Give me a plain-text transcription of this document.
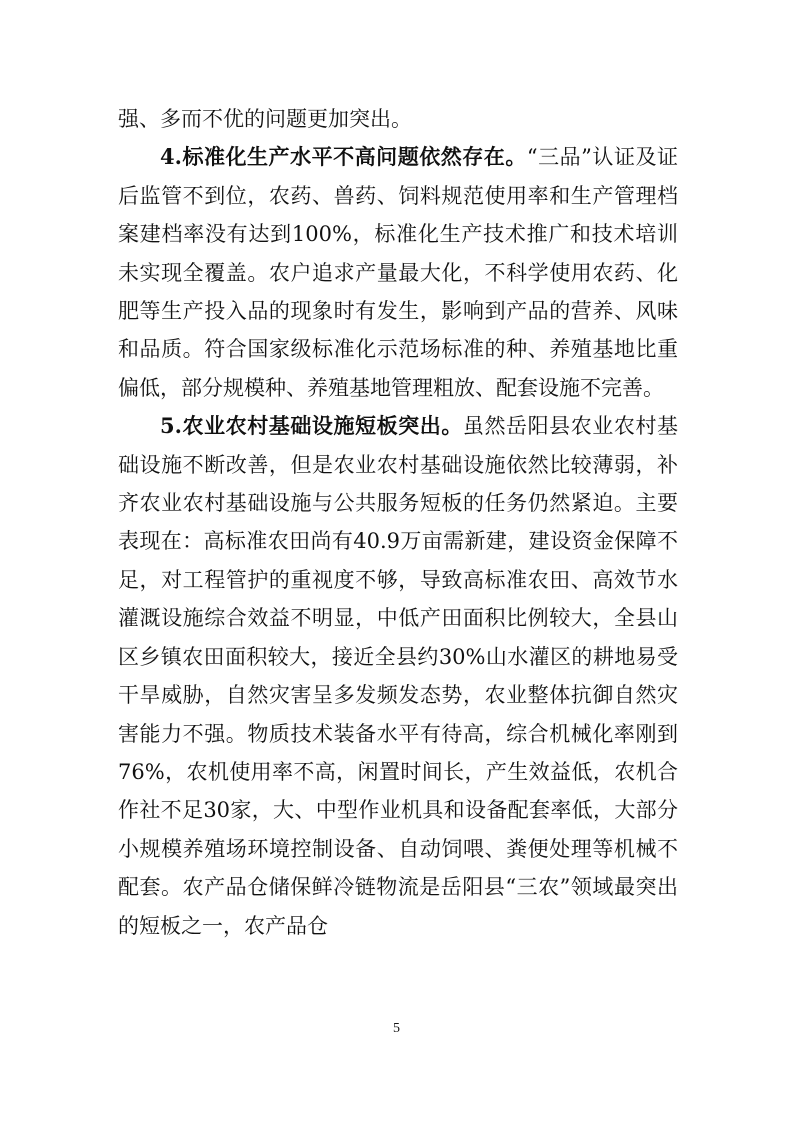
强、多而不优的问题更加突出。

4.标准化生产水平不高问题依然存在。“三品”认证及证后监管不到位，农药、兽药、饲料规范使用率和生产管理档案建档率没有达到100%，标准化生产技术推广和技术培训未实现全覆盖。农户追求产量最大化，不科学使用农药、化肥等生产投入品的现象时有发生，影响到产品的营养、风味和品质。符合国家级标准化示范场标准的种、养殖基地比重偏低，部分规模种、养殖基地管理粗放、配套设施不完善。

5.农业农村基础设施短板突出。虽然岳阳县农业农村基础设施不断改善，但是农业农村基础设施依然比较薄弱，补齐农业农村基础设施与公共服务短板的任务仍然紧迫。主要表现在：高标准农田尚有40.9万亩需新建，建设资金保障不足，对工程管护的重视度不够，导致高标准农田、高效节水灌溉设施综合效益不明显，中低产田面积比例较大，全县山区乡镇农田面积较大，接近全县约30%山水灌区的耕地易受干旱威胁，自然灾害呈多发频发态势，农业整体抗御自然灾害能力不强。物质技术装备水平有待高，综合机械化率刚到76%，农机使用率不高，闲置时间长，产生效益低，农机合作社不足30家，大、中型作业机具和设备配套率低，大部分小规模养殖场环境控制设备、自动饲喂、粪便处理等机械不配套。农产品仓储保鲜冷链物流是岳阳县“三农”领域最突出的短板之一，农产品仓

5
